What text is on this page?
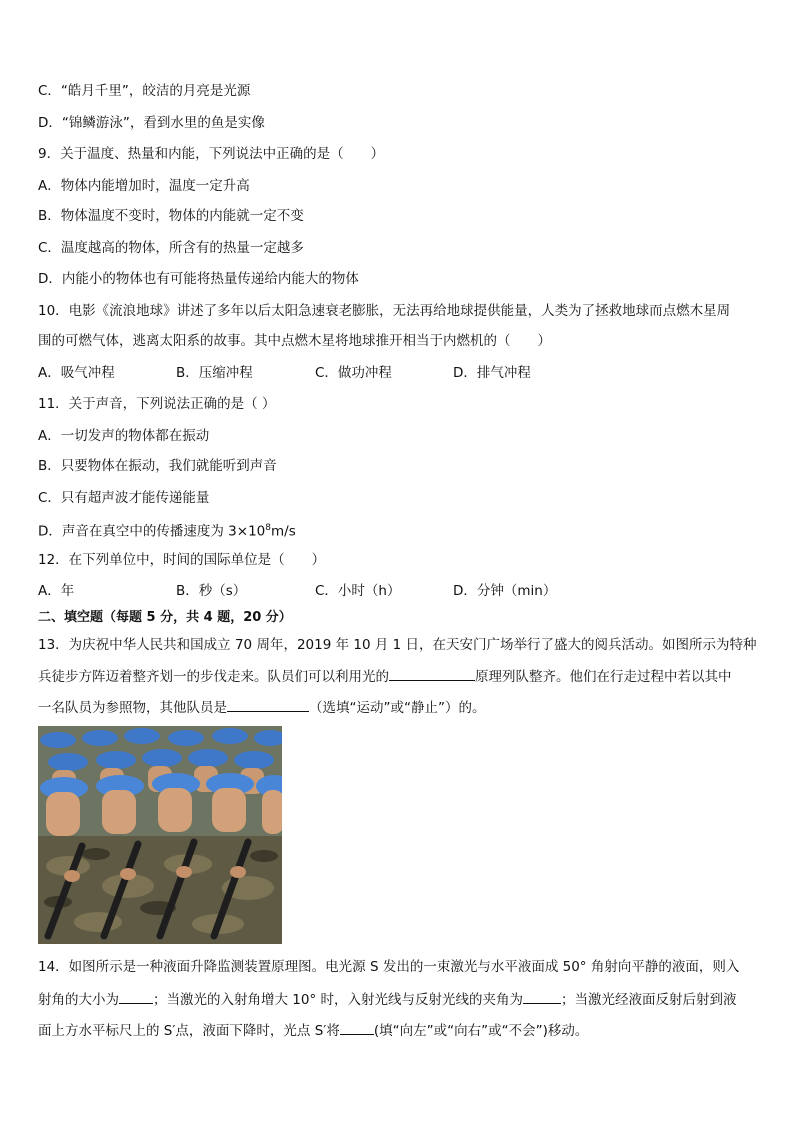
C．“皓月千里”，皎洁的月亮是光源
D．“锦鳞游泳”，看到水里的鱼是实像
9．关于温度、热量和内能，下列说法中正确的是（　　）
A．物体内能增加时，温度一定升高
B．物体温度不变时，物体的内能就一定不变
C．温度越高的物体，所含有的热量一定越多
D．内能小的物体也有可能将热量传递给内能大的物体
10．电影《流浪地球》讲述了多年以后太阳急速衰老膨胀，无法再给地球提供能量，人类为了拯救地球而点燃木星周
围的可燃气体，逃离太阳系的故事。其中点燃木星将地球推开相当于内燃机的（　　）
A．吸气冲程	B．压缩冲程	C．做功冲程	D．排气冲程
11．关于声音，下列说法正确的是（ ）
A．一切发声的物体都在振动
B．只要物体在振动，我们就能听到声音
C．只有超声波才能传递能量
D．声音在真空中的传播速度为 $3\times 10^8m/s$
12．在下列单位中，时间的国际单位是（　　）
A．年	B．秒（s）	C．小时（h）	D．分钟（min）
二、填空题（每题 5 分，共 4 题，20 分）
13．为庆祝中华人民共和国成立 70 周年，2019 年 10 月 1 日，在天安门广场举行了盛大的阅兵活动。如图所示为特种
兵徒步方阵迈着整齐划一的步伐走来。队员们可以利用光的	原理列队整齐。他们在行走过程中若以其中
一名队员为参照物，其他队员是	（选填“运动”或“静止”）的。
14．如图所示是一种液面升降监测装置原理图。电光源 S 发出的一束激光与水平液面成 50° 角射向平静的液面，则入
射角的大小为	；当激光的入射角增大 10° 时，入射光线与反射光线的夹角为	；当激光经液面反射后射到液
面上方水平标尺上的 S′点，液面下降时，光点 S′将	(填“向左”或“向右”或“不会”)移动。
